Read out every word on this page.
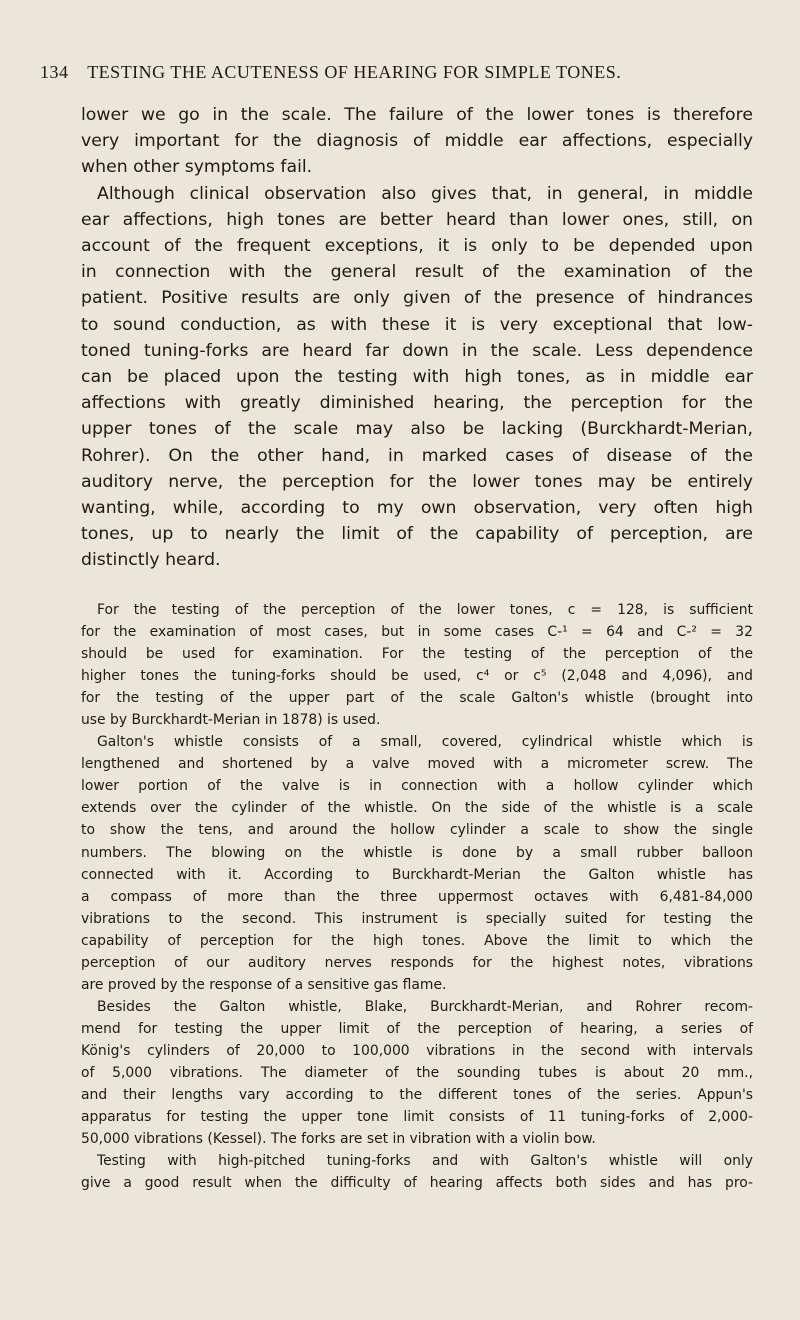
134 TESTING THE ACUTENESS OF HEARING FOR SIMPLE TONES.
lower we go in the scale. The failure of the lower tones is therefore
very important for the diagnosis of middle ear affections, especially
when other symptoms fail.
Although clinical observation also gives that, in general, in middle
ear affections, high tones are better heard than lower ones, still, on
account of the frequent exceptions, it is only to be depended upon
in connection with the general result of the examination of the
patient. Positive results are only given of the presence of hindrances
to sound conduction, as with these it is very exceptional that low-
toned tuning-forks are heard far down in the scale. Less dependence
can be placed upon the testing with high tones, as in middle ear
affections with greatly diminished hearing, the perception for the
upper tones of the scale may also be lacking (Burckhardt-Merian,
Rohrer). On the other hand, in marked cases of disease of the
auditory nerve, the perception for the lower tones may be entirely
wanting, while, according to my own observation, very often high
tones, up to nearly the limit of the capability of perception, are
distinctly heard.
For the testing of the perception of the lower tones, c = 128, is sufficient
for the examination of most cases, but in some cases C-¹ = 64 and C-² = 32
should be used for examination. For the testing of the perception of the
higher tones the tuning-forks should be used, c⁴ or c⁵ (2,048 and 4,096), and
for the testing of the upper part of the scale Galton's whistle (brought into
use by Burckhardt-Merian in 1878) is used.
Galton's whistle consists of a small, covered, cylindrical whistle which is
lengthened and shortened by a valve moved with a micrometer screw. The
lower portion of the valve is in connection with a hollow cylinder which
extends over the cylinder of the whistle. On the side of the whistle is a scale
to show the tens, and around the hollow cylinder a scale to show the single
numbers. The blowing on the whistle is done by a small rubber balloon
connected with it. According to Burckhardt-Merian the Galton whistle has
a compass of more than the three uppermost octaves with 6,481-84,000
vibrations to the second. This instrument is specially suited for testing the
capability of perception for the high tones. Above the limit to which the
perception of our auditory nerves responds for the highest notes, vibrations
are proved by the response of a sensitive gas flame.
Besides the Galton whistle, Blake, Burckhardt-Merian, and Rohrer recom-
mend for testing the upper limit of the perception of hearing, a series of
König's cylinders of 20,000 to 100,000 vibrations in the second with intervals
of 5,000 vibrations. The diameter of the sounding tubes is about 20 mm.,
and their lengths vary according to the different tones of the series. Appun's
apparatus for testing the upper tone limit consists of 11 tuning-forks of 2,000-
50,000 vibrations (Kessel). The forks are set in vibration with a violin bow.
Testing with high-pitched tuning-forks and with Galton's whistle will only
give a good result when the difficulty of hearing affects both sides and has pro-
